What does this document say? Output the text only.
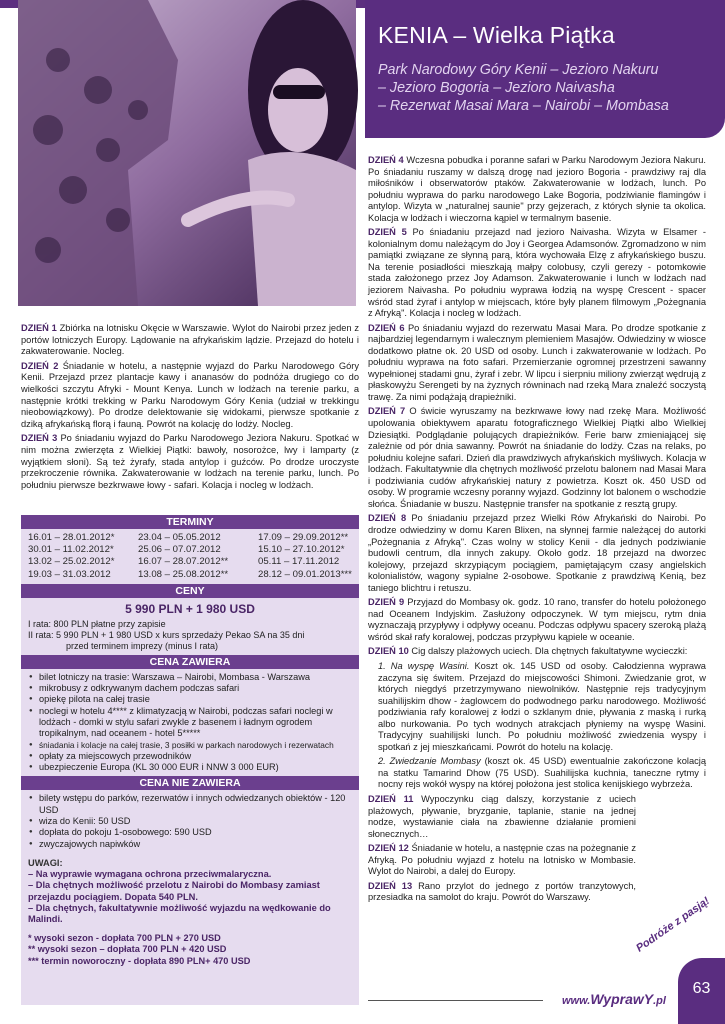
KENIA – Wielka Piątka
Park Narodowy Góry Kenii – Jezioro Nakuru
– Jezioro Bogoria – Jezioro Naivasha
– Rezerwat Masai Mara – Nairobi – Mombasa

DZIEŃ 1 Zbiórka na lotnisku Okęcie w Warszawie. Wylot do Nairobi przez jeden z portów lotniczych Europy. Lądowanie na afrykańskim lądzie. Przejazd do hotelu i zakwaterowanie. Nocleg.

DZIEŃ 2 Śniadanie w hotelu, a następnie wyjazd do Parku Narodowego Góry Kenii. Przejazd przez plantacje kawy i ananasów do podnóża drugiego co do wielkości szczytu Afryki - Mount Kenya. Lunch w lodżach na terenie parku, a następnie krótki trekking w Parku Narodowym Góry Kenia (udział w trekkingu nieobowiązkowy). Po drodze delektowanie się widokami, pierwsze spotkanie z dziką afrykańską florą i fauną. Powrót na kolację do lodży. Nocleg.

DZIEŃ 3 Po śniadaniu wyjazd do Parku Narodowego Jeziora Nakuru. Spotkać w nim można zwierzęta z Wielkiej Piątki: bawoły, nosorożce, lwy i lamparty (z wyjątkiem słoni). Są też żyrafy, stada antylop i guźców. Po drodze uroczyste przekroczenie równika. Zakwaterowanie w lodżach na terenie parku, lunch. Po południu pierwsze bezkrwawe łowy - safari. Kolacja i nocleg w lodżach.

TERMINY
16.01 – 28.01.2012*	23.04 – 05.05.2012	17.09 – 29.09.2012**
30.01 – 11.02.2012*	25.06 – 07.07.2012	15.10 – 27.10.2012*
13.02 – 25.02.2012*	16.07 – 28.07.2012**	05.11 – 17.11.2012
19.03 – 31.03.2012	13.08 – 25.08.2012**	28.12 – 09.01.2013***
CENY
5 990 PLN + 1 980 USD
I rata: 800 PLN płatne przy zapisie
II rata: 5 990 PLN + 1 980 USD x kurs sprzedaży Pekao SA na 35 dni
przed terminem imprezy (minus I rata)
CENA ZAWIERA
● bilet lotniczy na trasie: Warszawa – Nairobi, Mombasa - Warszawa
● mikrobusy z odkrywanym dachem podczas safari
● opiekę pilota na całej trasie
● noclegi w hotelu 4**** z klimatyzacją w Nairobi, podczas safari noclegi w lodżach - domki w stylu safari zwykle z basenem i ładnym ogrodem tropikalnym, nad oceanem - hotel 5*****
● śniadania i kolacje na całej trasie, 3 posiłki w parkach narodowych i rezerwatach
● opłaty za miejscowych przewodników
● ubezpieczenie Europa (KL 30 000 EUR i NNW 3 000 EUR)
CENA NIE ZAWIERA
● bilety wstępu do parków, rezerwatów i innych odwiedzanych obiektów - 120 USD
● wiza do Kenii: 50 USD
● dopłata do pokoju 1-osobowego: 590 USD
● zwyczajowych napiwków
UWAGI:
– Na wyprawie wymagana ochrona przeciwmalaryczna.
– Dla chętnych możliwość przelotu z Nairobi do Mombasy zamiast przejazdu pociągiem. Dopata 540 PLN.
– Dla chętnych, fakultatywnie możliwość wyjazdu na wędkowanie do Malindi.
* wysoki sezon - dopłata 700 PLN + 270 USD
** wysoki sezon – dopłata 700 PLN + 420 USD
*** termin noworoczny - dopłata 890 PLN+ 470 USD

DZIEŃ 4 Wczesna pobudka i poranne safari w Parku Narodowym Jeziora Nakuru. Po śniadaniu ruszamy w dalszą drogę nad jezioro Bogoria - prawdziwy raj dla miłośników i obserwatorów ptaków. Zakwaterowanie w lodżach, lunch. Po południu wyprawa do parku narodowego Lake Bogoria, podziwianie flamingów i antylop. Wizyta w „naturalnej saunie" przy gejzerach, z których słynie ta okolica. Kolacja w lodżach i wieczorna kąpiel w termalnym basenie.

DZIEŃ 5 Po śniadaniu przejazd nad jezioro Naivasha. Wizyta w Elsamer - kolonialnym domu należącym do Joy i Georgea Adamsonów. Zgromadzono w nim pamiątki związane ze słynną parą, która wychowała Elzę z afrykańskiego buszu. Na terenie posiadłości mieszkają małpy colobusy, czyli gerezy - potomkowie stada założonego przez Joy Adamson. Zakwaterowanie i lunch w lodżach nad jeziorem Naivasha. Po południu wyprawa łodzią na wyspę Crescent - spacer wśród stad żyraf i antylop w miejscach, które były planem filmowym „Pożegnania z Afryką". Kolacja i nocleg w lodżach.

DZIEŃ 6 Po śniadaniu wyjazd do rezerwatu Masai Mara. Po drodze spotkanie z najbardziej legendarnym i walecznym plemieniem Masajów. Odwiedziny w wiosce dodatkowo płatne ok. 20 USD od osoby. Lunch i zakwaterowanie w lodżach. Po południu wyprawa na foto safari. Przemierzanie ogromnej przestrzeni sawanny wypełnionej stadami gnu, żyraf i zebr. W lipcu i sierpniu miliony zwierząt wędrują z płaskowyżu Serengeti by na żyznych równinach nad rzeką Mara znaleźć soczystą trawę. Za nimi podążają drapieżniki.

DZIEŃ 7 O świcie wyruszamy na bezkrwawe łowy nad rzekę Mara. Możliwość upolowania obiektywem aparatu fotograficznego Wielkiej Piątki albo Wielkiej Dziesiątki. Podglądanie polujących drapieżników. Ferie barw zmieniającej się zależnie od pór dnia sawanny. Powrót na śniadanie do lodży. Czas na relaks, po południu kolejne safari. Dzień dla prawdziwych afrykańskich myśliwych. Kolacja w lodżach. Fakultatywnie dla chętnych możliwość przelotu balonem nad Masai Mara i podziwiania cudów afrykańskiej natury z powietrza. Koszt ok. 450 USD od osoby. W programie wczesny poranny wyjazd. Godzinny lot balonem o wschodzie słońca. Śniadanie w buszu. Następnie transfer na spotkanie z resztą grupy.

DZIEŃ 8 Po śniadaniu przejazd przez Wielki Rów Afrykański do Nairobi. Po drodze odwiedziny w domu Karen Blixen, na słynnej farmie należącej do autorki „Pożegnania z Afryką". Czas wolny w stolicy Kenii - dla jednych podziwianie budowli centrum, dla innych zakupy. Około godz. 18 przejazd na dworzec kolejowy, przejazd skrzypiącym pociągiem, pamiętającym czasy angielskich kolonialistów, wagony sypialne 2-osobowe. Spotkanie z prawdziwą Kenią, bez taniego blichtru i retuszu.

DZIEŃ 9 Przyjazd do Mombasy ok. godz. 10 rano, transfer do hotelu położonego nad Oceanem Indyjskim. Zasłużony odpoczynek. W tym miejscu, rytm dnia wyznaczają przypływy i odpływy oceanu. Podczas odpływu spacery szeroką plażą wśród skał rafy koralowej, podczas przypływu kąpiele w oceanie.

DZIEŃ 10 Cig dalszy plażowych uciech. Dla chętnych fakultatywne wycieczki:

1. Na wyspę Wasini. Koszt ok. 145 USD od osoby. Całodzienna wyprawa zaczyna się świtem. Przejazd do miejscowości Shimoni. Zwiedzanie grot, w których niegdyś przetrzymywano niewolników. Następnie rejs tradycyjnym suahilijskim dhow - żaglowcem do podwodnego parku narodowego. Możliwość podziwiania rafy koralowej z łodzi o szklanym dnie, pływania z maską i rurką albo nurkowania. Po tych wodnych atrakcjach płyniemy na wyspę Wasini. Tradycyjny suahilijski lunch. Po południu możliwość zwiedzenia wyspy i spotkań z jej mieszkańcami. Powrót do hotelu na kolację.

2. Zwiedzanie Mombasy (koszt ok. 45 USD) ewentualnie zakończone kolacją na statku Tamarind Dhow (75 USD). Suahilijska kuchnia, taneczne rytmy i nocny rejs wokół wyspy na której położona jest stolica kenijskiego wybrzeża.

DZIEŃ 11 Wypoczynku ciąg dalszy, korzystanie z uciech plażowych, pływanie, bryzganie, taplanie, stanie na jednej nodze, wystawianie ciała na zbawienne działanie promieni słonecznych…

DZIEŃ 12 Śniadanie w hotelu, a następnie czas na pożegnanie z Afryką. Po południu wyjazd z hotelu na lotnisko w Mombasie. Wylot do Nairobi, a dalej do Europy.

DZIEŃ 13 Rano przylot do jednego z portów tranzytowych, przesiadka na samolot do kraju. Powrót do Warszawy.	Podróże z pasją!
www.WyprawY.pl
63
